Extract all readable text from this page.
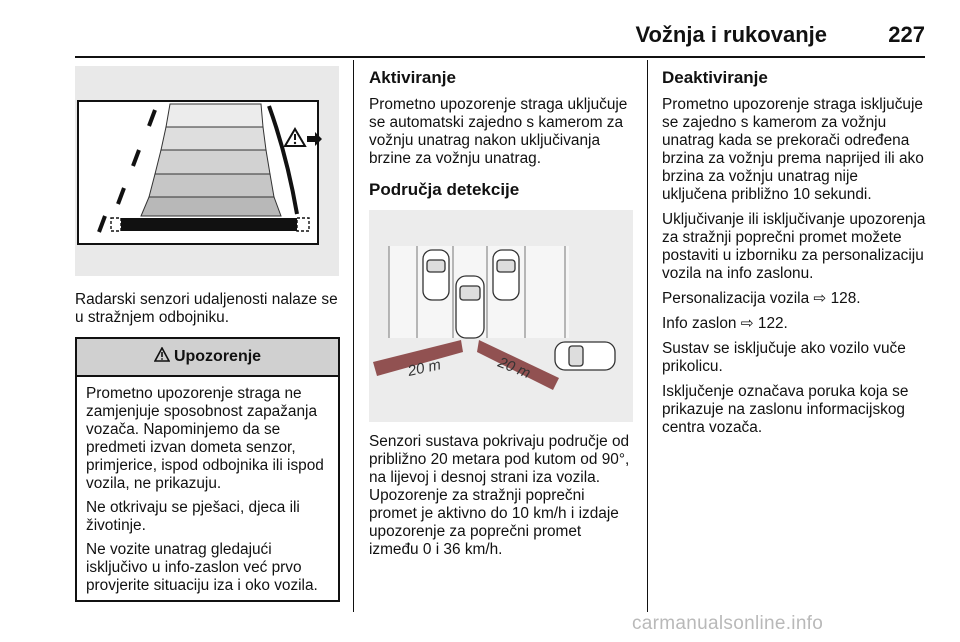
Vožnja i rukovanje	227

Radarski senzori udaljenosti nalaze se u stražnjem odbojniku.

Upozorenje

Prometno upozorenje straga ne zamjenjuje sposobnost zapažanja vozača. Napominjemo da se predmeti izvan dometa senzor, primjerice, ispod odbojnika ili ispod vozila, ne prikazuju.

Ne otkrivaju se pješaci, djeca ili životinje.

Ne vozite unatrag gledajući isključivo u info-zaslon već prvo provjerite situaciju iza i oko vozila.

Aktiviranje

Prometno upozorenje straga uključuje se automatski zajedno s kamerom za vožnju unatrag nakon uključivanja brzine za vožnju unatrag.

Područja detekcije
20 m	20 m

Senzori sustava pokrivaju područje od približno 20 metara pod kutom od 90°, na lijevoj i desnoj strani iza vozila. Upozorenje za stražnji poprečni promet je aktivno do 10 km/h i izdaje upozorenje za poprečni promet između 0 i 36 km/h.

Deaktiviranje

Prometno upozorenje straga isključuje se zajedno s kamerom za vožnju unatrag kada se prekorači određena brzina za vožnju prema naprijed ili ako brzina za vožnju unatrag nije uključena približno 10 sekundi.

Uključivanje ili isključivanje upozorenja za stražnji poprečni promet možete postaviti u izborniku za personalizaciju vozila na info zaslonu.

Personalizacija vozila ⇨ 128.

Info zaslon ⇨ 122.

Sustav se isključuje ako vozilo vuče prikolicu.

Isključenje označava poruka koja se prikazuje na zaslonu informacijskog centra vozača.

carmanualsonline.info
